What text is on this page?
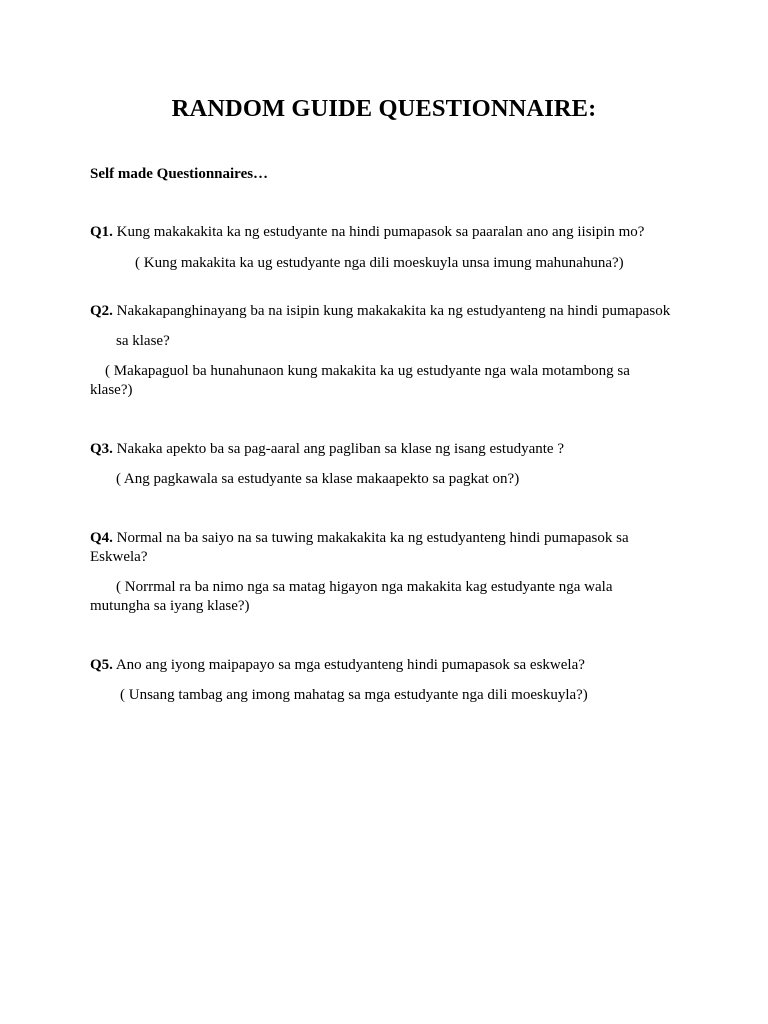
RANDOM GUIDE QUESTIONNAIRE:

Self made Questionnaires…

Q1. Kung makakakita ka ng estudyante na hindi pumapasok sa paaralan ano ang iisipin mo?

( Kung makakita ka ug estudyante nga dili moeskuyla unsa imung mahunahuna?)

Q2. Nakakapanghinayang ba na isipin kung makakakita ka ng estudyanteng na hindi pumapasok

sa klase?

( Makapaguol ba hunahunaon kung makakita ka ug estudyante nga wala motambong sa klase?)

Q3. Nakaka apekto ba sa pag-aaral ang pagliban sa klase ng isang estudyante ?

( Ang pagkawala sa estudyante sa klase makaapekto sa pagkat on?)

Q4. Normal na ba saiyo na sa tuwing makakakita ka ng estudyanteng hindi pumapasok sa Eskwela?

( Norrmal ra ba nimo nga sa matag higayon nga makakita kag estudyante nga wala mutungha sa iyang klase?)

Q5. Ano ang iyong maipapayo sa mga estudyanteng hindi pumapasok sa eskwela?

( Unsang tambag ang imong mahatag sa mga estudyante nga dili moeskuyla?)
